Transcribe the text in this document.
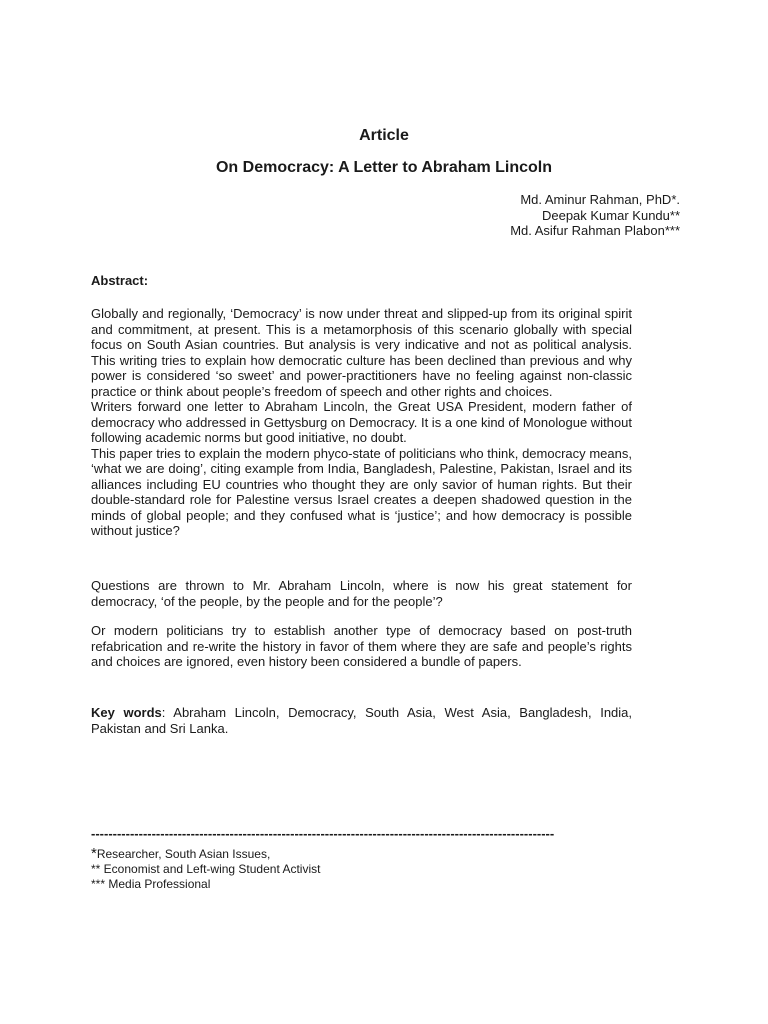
Article
On Democracy: A Letter to Abraham Lincoln
Md. Aminur Rahman, PhD*.
Deepak Kumar Kundu**
Md. Asifur Rahman Plabon***
Abstract:

Globally and regionally, ‘Democracy’ is now under threat and slipped-up from its original spirit and commitment, at present. This is a metamorphosis of this scenario globally with special focus on South Asian countries. But analysis is very indicative and not as political analysis. This writing tries to explain how democratic culture has been declined than previous and why power is considered ‘so sweet’ and power-practitioners have no feeling against non-classic practice or think about people’s freedom of speech and other rights and choices.

Writers forward one letter to Abraham Lincoln, the Great USA President, modern father of democracy who addressed in Gettysburg on Democracy. It is a one kind of Monologue without following academic norms but good initiative, no doubt.

This paper tries to explain the modern phyco-state of politicians who think, democracy means, ‘what we are doing’, citing example from India, Bangladesh, Palestine, Pakistan, Israel and its alliances including EU countries who thought they are only savior of human rights. But their double-standard role for Palestine versus Israel creates a deepen shadowed question in the minds of global people; and they confused what is ‘justice’; and how democracy is possible without justice?

Questions are thrown to Mr. Abraham Lincoln, where is now his great statement for democracy, ‘of the people, by the people and for the people’?
Or modern politicians try to establish another type of democracy based on post-truth refabrication and re-write the history in favor of them where they are safe and people’s rights and choices are ignored, even history been considered a bundle of papers.
Key words: Abraham Lincoln, Democracy, South Asia, West Asia, Bangladesh, India, Pakistan and Sri Lanka.
-----------------------------------------------------------------------------------------------------------
*Researcher, South Asian Issues,
** Economist and Left-wing Student Activist
*** Media Professional
